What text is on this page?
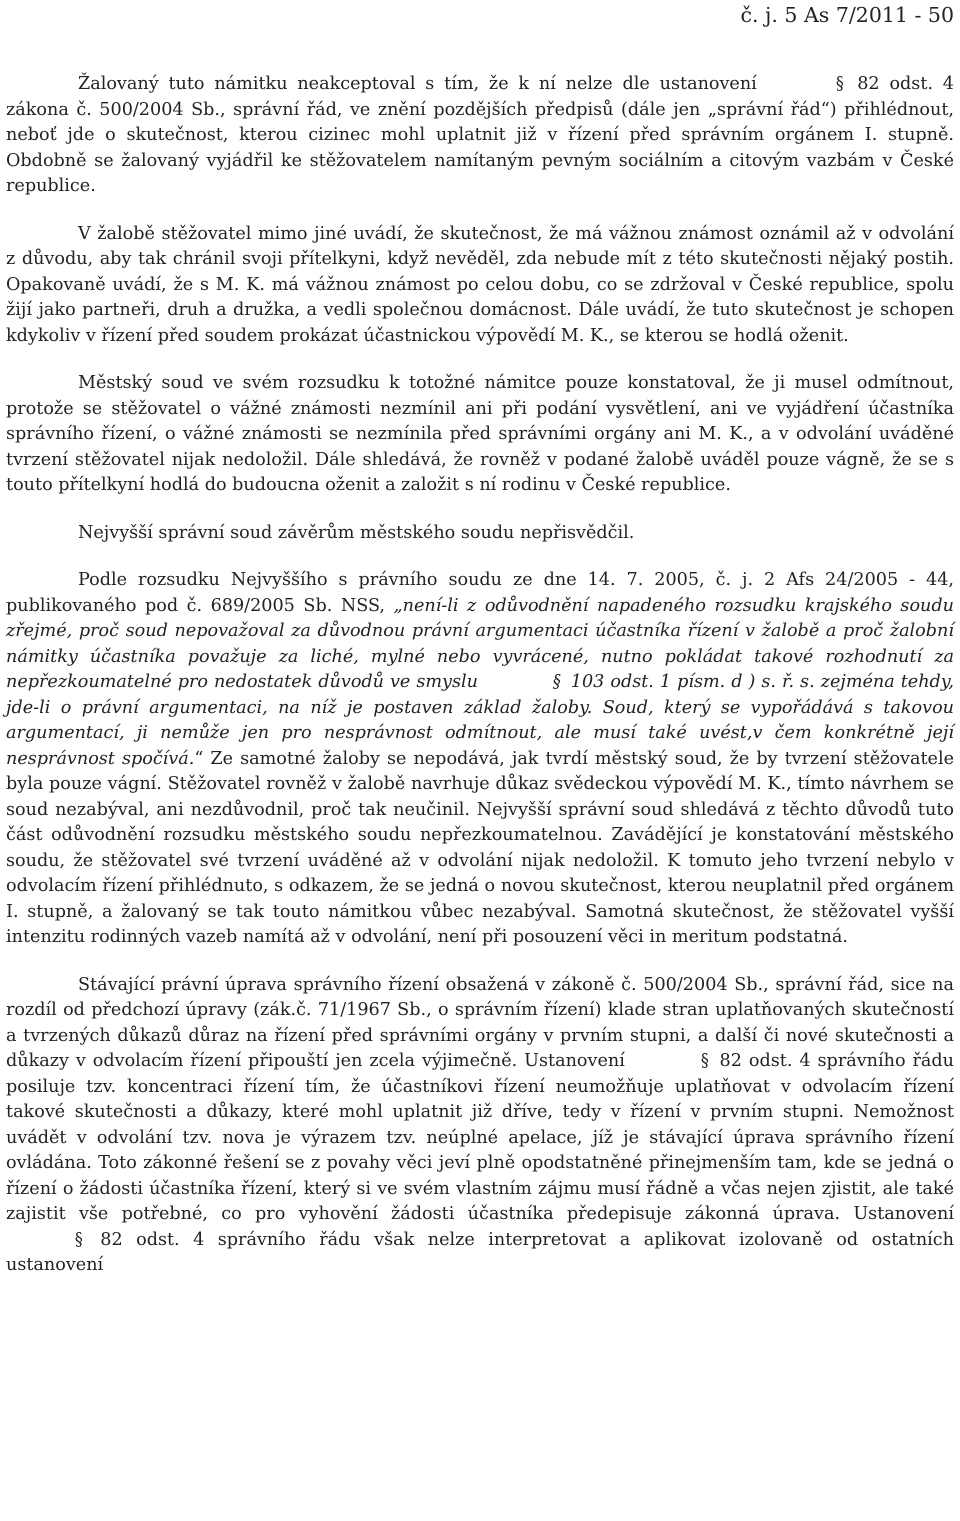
č. j. 5 As 7/2011 - 50

Žalovaný tuto námitku neakceptoval s tím, že k ní nelze dle ustanovení	§ 82 odst. 4 zákona č. 500/2004 Sb., správní řád, ve znění pozdějších předpisů (dále jen „správní řád“) přihlédnout, neboť jde o skutečnost, kterou cizinec mohl uplatnit již v řízení před správním orgánem I. stupně. Obdobně se žalovaný vyjádřil ke stěžovatelem namítaným pevným sociálním a citovým vazbám v České republice.

V žalobě stěžovatel mimo jiné uvádí, že skutečnost, že má vážnou známost oznámil až v odvolání z důvodu, aby tak chránil svoji přítelkyni, když nevěděl, zda nebude mít z této skutečnosti nějaký postih. Opakovaně uvádí, že s M. K. má vážnou známost po celou dobu, co se zdržoval v České republice, spolu žijí jako partneři, druh a družka, a vedli společnou domácnost. Dále uvádí, že tuto skutečnost je schopen kdykoliv v řízení před soudem prokázat účastnickou výpovědí M. K., se kterou se hodlá oženit.

Městský soud ve svém rozsudku k totožné námitce pouze konstatoval, že ji musel odmítnout, protože se stěžovatel o vážné známosti nezmínil ani při podání vysvětlení, ani ve vyjádření účastníka správního řízení, o vážné známosti se nezmínila před správními orgány ani M. K., a v odvolání uváděné tvrzení stěžovatel nijak nedoložil. Dále shledává, že rovněž v podané žalobě uváděl pouze vágně, že se s touto přítelkyní hodlá do budoucna oženit a založit s ní rodinu v České republice.

Nejvyšší správní soud závěrům městského soudu nepřisvědčil.

Podle rozsudku Nejvyššího s právního soudu ze dne 14. 7. 2005, č. j. 2 Afs 24/2005 - 44, publikovaného pod č. 689/2005 Sb. NSS, „není-li z odůvodnění napadeného rozsudku krajského soudu zřejmé, proč soud nepovažoval za důvodnou právní argumentaci účastníka řízení v žalobě a proč žalobní námitky účastníka považuje za liché, mylné nebo vyvrácené, nutno pokládat takové rozhodnutí za nepřezkoumatelné pro nedostatek důvodů ve smyslu	§ 103 odst. 1 písm. d ) s. ř. s. zejména tehdy, jde-li o právní argumentaci, na níž je postaven základ žaloby. Soud, který se vypořádává s takovou argumentací, ji nemůže jen pro nesprávnost odmítnout, ale musí také uvést,v čem konkrétně její nesprávnost spočívá.“ Ze samotné žaloby se nepodává, jak tvrdí městský soud, že by tvrzení stěžovatele byla pouze vágní. Stěžovatel rovněž v žalobě navrhuje důkaz svědeckou výpovědí M. K., tímto návrhem se soud nezabýval, ani nezdůvodnil, proč tak neučinil. Nejvyšší správní soud shledává z těchto důvodů tuto část odůvodnění rozsudku městského soudu nepřezkoumatelnou. Zavádějící je konstatování městského soudu, že stěžovatel své tvrzení uváděné až v odvolání nijak nedoložil. K tomuto jeho tvrzení nebylo v odvolacím řízení přihlédnuto, s odkazem, že se jedná o novou skutečnost, kterou neuplatnil před orgánem I. stupně, a žalovaný se tak touto námitkou vůbec nezabýval. Samotná skutečnost, že stěžovatel vyšší intenzitu rodinných vazeb namítá až v odvolání, není při posouzení věci in meritum podstatná.

Stávající právní úprava správního řízení obsažená v zákoně č. 500/2004 Sb., správní řád, sice na rozdíl od předchozí úpravy (zák.č. 71/1967 Sb., o správním řízení) klade stran uplatňovaných skutečností a tvrzených důkazů důraz na řízení před správními orgány v prvním stupni, a další či nové skutečnosti a důkazy v odvolacím řízení připouští jen zcela výjimečně. Ustanovení	§ 82 odst. 4 správního řádu posiluje tzv. koncentraci řízení tím, že účastníkovi řízení neumožňuje uplatňovat v odvolacím řízení takové skutečnosti a důkazy, které mohl uplatnit již dříve, tedy v řízení v prvním stupni. Nemožnost uvádět v odvolání tzv. nova je výrazem tzv. neúplné apelace, jíž je stávající úprava správního řízení ovládána. Toto zákonné řešení se z povahy věci jeví plně opodstatněné přinejmenším tam, kde se jedná o řízení o žádosti účastníka řízení, který si ve svém vlastním zájmu musí řádně a včas nejen zjistit, ale také zajistit vše potřebné, co pro vyhovění žádosti účastníka předepisuje zákonná úprava. Ustanovení § 82 odst. 4 správního řádu však nelze interpretovat a aplikovat izolovaně od ostatních ustanovení
